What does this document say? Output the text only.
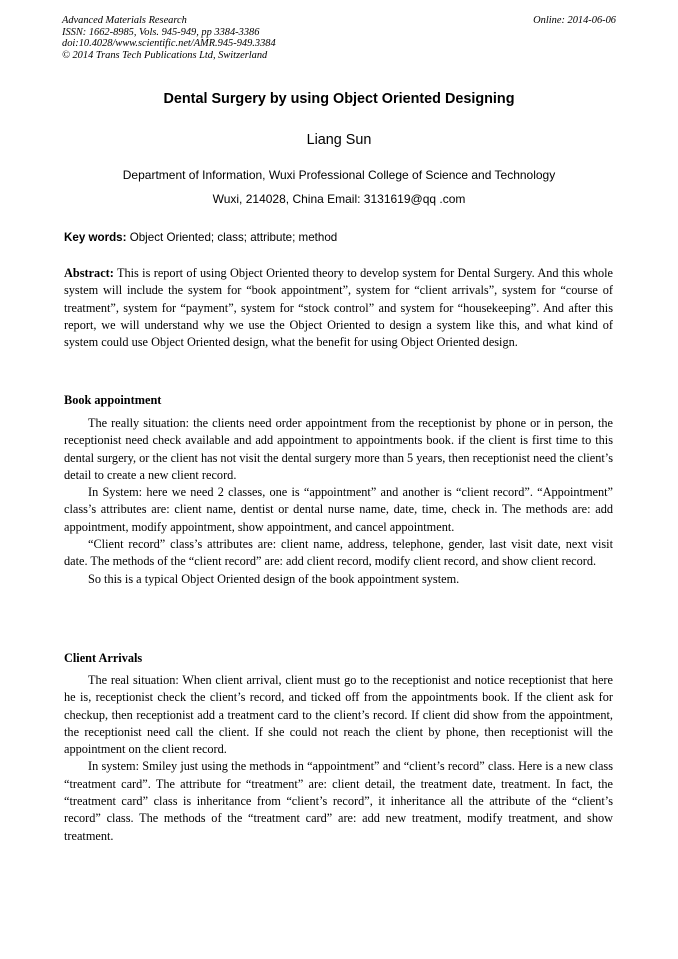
Advanced Materials Research
ISSN: 1662-8985, Vols. 945-949, pp 3384-3386
doi:10.4028/www.scientific.net/AMR.945-949.3384
© 2014 Trans Tech Publications Ltd, Switzerland
Online: 2014-06-06
Dental Surgery by using Object Oriented Designing
Liang Sun
Department of Information, Wuxi Professional College of Science and Technology
Wuxi, 214028, China Email: 3131619@qq .com
Key words: Object Oriented; class; attribute; method

Abstract: This is report of using Object Oriented theory to develop system for Dental Surgery. And this whole system will include the system for “book appointment”, system for “client arrivals”, system for “course of treatment”, system for “payment”, system for “stock control” and system for “housekeeping”. And after this report, we will understand why we use the Object Oriented to design a system like this, and what kind of system could use Object Oriented design, what the benefit for using Object Oriented design.

Book appointment

The really situation: the clients need order appointment from the receptionist by phone or in person, the receptionist need check available and add appointment to appointments book. if the client is first time to this dental surgery, or the client has not visit the dental surgery more than 5 years, then receptionist need the client’s detail to create a new client record.

In System: here we need 2 classes, one is “appointment” and another is “client record”. “Appointment” class’s attributes are: client name, dentist or dental nurse name, date, time, check in. The methods are: add appointment, modify appointment, show appointment, and cancel appointment.

“Client record” class’s attributes are: client name, address, telephone, gender, last visit date, next visit date. The methods of the “client record” are: add client record, modify client record, and show client record.

So this is a typical Object Oriented design of the book appointment system.

Client Arrivals

The real situation: When client arrival, client must go to the receptionist and notice receptionist that here he is, receptionist check the client’s record, and ticked off from the appointments book. If the client ask for checkup, then receptionist add a treatment card to the client’s record. If client did show from the appointment, the receptionist need call the client. If she could not reach the client by phone, then receptionist will the appointment on the client record.

In system: Smiley just using the methods in “appointment” and “client’s record” class. Here is a new class “treatment card”. The attribute for “treatment” are: client detail, the treatment date, treatment. In fact, the “treatment card” class is inheritance from “client’s record”, it inheritance all the attribute of the “client’s record” class. The methods of the “treatment card” are: add new treatment, modify treatment, and show treatment.
